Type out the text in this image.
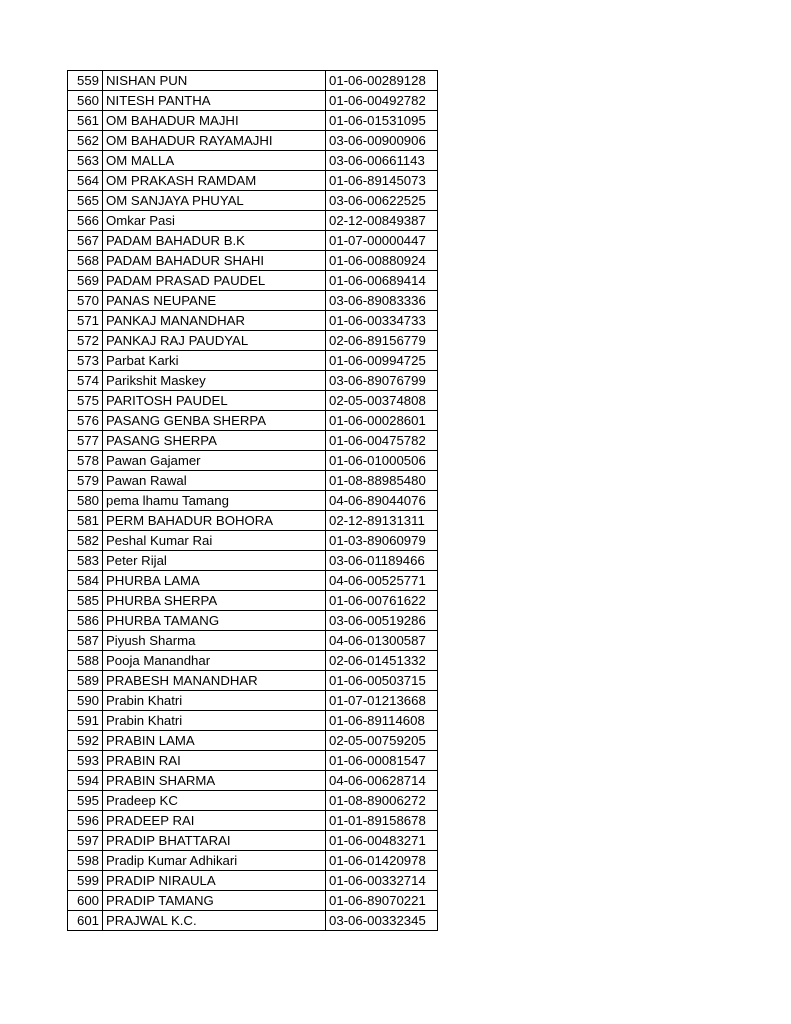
559	NISHAN PUN	01-06-00289128
560	NITESH PANTHA	01-06-00492782
561	OM BAHADUR MAJHI	01-06-01531095
562	OM BAHADUR RAYAMAJHI	03-06-00900906
563	OM MALLA	03-06-00661143
564	OM PRAKASH RAMDAM	01-06-89145073
565	OM SANJAYA PHUYAL	03-06-00622525
566	Omkar Pasi	02-12-00849387
567	PADAM BAHADUR B.K	01-07-00000447
568	PADAM BAHADUR SHAHI	01-06-00880924
569	PADAM PRASAD PAUDEL	01-06-00689414
570	PANAS NEUPANE	03-06-89083336
571	PANKAJ MANANDHAR	01-06-00334733
572	PANKAJ RAJ PAUDYAL	02-06-89156779
573	Parbat Karki	01-06-00994725
574	Parikshit Maskey	03-06-89076799
575	PARITOSH PAUDEL	02-05-00374808
576	PASANG GENBA SHERPA	01-06-00028601
577	PASANG SHERPA	01-06-00475782
578	Pawan Gajamer	01-06-01000506
579	Pawan Rawal	01-08-88985480
580	pema lhamu Tamang	04-06-89044076
581	PERM BAHADUR BOHORA	02-12-89131311
582	Peshal Kumar Rai	01-03-89060979
583	Peter Rijal	03-06-01189466
584	PHURBA LAMA	04-06-00525771
585	PHURBA SHERPA	01-06-00761622
586	PHURBA TAMANG	03-06-00519286
587	Piyush Sharma	04-06-01300587
588	Pooja Manandhar	02-06-01451332
589	PRABESH MANANDHAR	01-06-00503715
590	Prabin Khatri	01-07-01213668
591	Prabin Khatri	01-06-89114608
592	PRABIN LAMA	02-05-00759205
593	PRABIN RAI	01-06-00081547
594	PRABIN SHARMA	04-06-00628714
595	Pradeep KC	01-08-89006272
596	PRADEEP RAI	01-01-89158678
597	PRADIP BHATTARAI	01-06-00483271
598	Pradip Kumar Adhikari	01-06-01420978
599	PRADIP NIRAULA	01-06-00332714
600	PRADIP TAMANG	01-06-89070221
601	PRAJWAL K.C.	03-06-00332345
